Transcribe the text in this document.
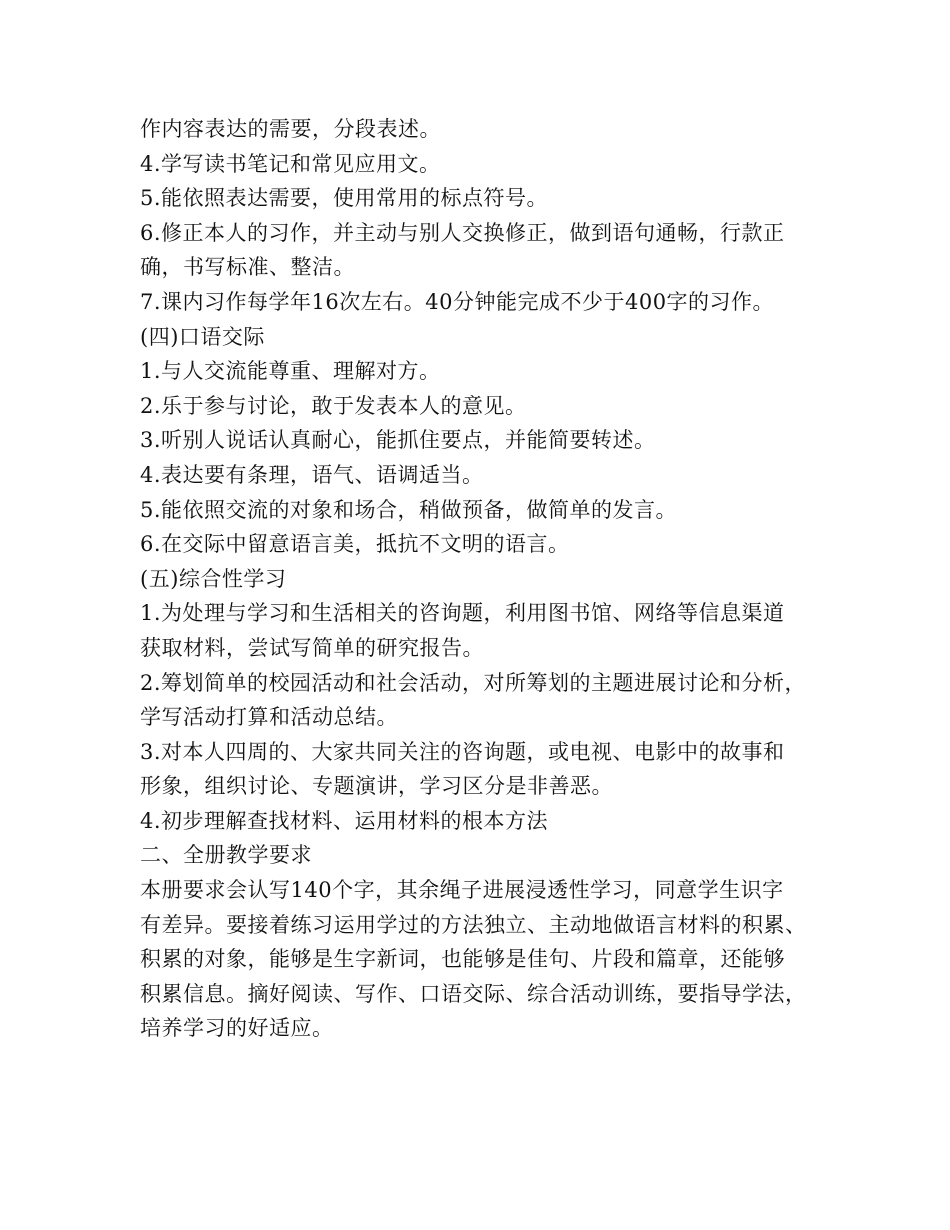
作内容表达的需要，分段表述。
4.学写读书笔记和常见应用文。
5.能依照表达需要，使用常用的标点符号。
6.修正本人的习作，并主动与别人交换修正，做到语句通畅，行款正
确，书写标准、整洁。
7.课内习作每学年16次左右。40分钟能完成不少于400字的习作。
(四)口语交际
1.与人交流能尊重、理解对方。
2.乐于参与讨论，敢于发表本人的意见。
3.听别人说话认真耐心，能抓住要点，并能简要转述。
4.表达要有条理，语气、语调适当。
5.能依照交流的对象和场合，稍做预备，做简单的发言。
6.在交际中留意语言美，抵抗不文明的语言。
(五)综合性学习
1.为处理与学习和生活相关的咨询题，利用图书馆、网络等信息渠道
获取材料，尝试写简单的研究报告。
2.筹划简单的校园活动和社会活动，对所筹划的主题进展讨论和分析，
学写活动打算和活动总结。
3.对本人四周的、大家共同关注的咨询题，或电视、电影中的故事和
形象，组织讨论、专题演讲，学习区分是非善恶。
4.初步理解查找材料、运用材料的根本方法
二、全册教学要求
本册要求会认写140个字，其余绳子进展浸透性学习，同意学生识字
有差异。要接着练习运用学过的方法独立、主动地做语言材料的积累、
积累的对象，能够是生字新词，也能够是佳句、片段和篇章，还能够
积累信息。摘好阅读、写作、口语交际、综合活动训练，要指导学法，
培养学习的好适应。
